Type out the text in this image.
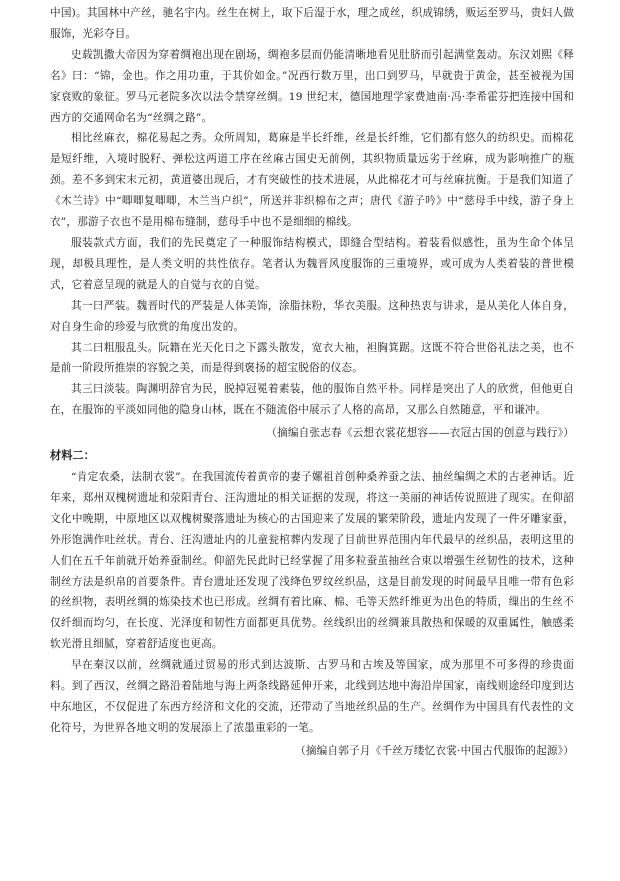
中国)。其国林中产丝，驰名宇内。丝生在树上，取下后湿于水，理之成丝，织成锦绣，贩运至罗马，贵妇人做服饰，光彩夺目。

史载凯撒大帝因为穿着绸袍出现在剧场，绸袍多层而仍能清晰地看见肚脐而引起满堂轰动。东汉刘熙《释名》曰：“锦，金也。作之用功重，于其价如金。”况西行数万里，出口到罗马，早就贵于黄金，甚至被视为国家衰败的象征。罗马元老院多次以法令禁穿丝绸。19 世纪末，德国地理学家费迪南·冯·李希霍芬把连接中国和西方的交通网命名为“丝绸之路”。

相比丝麻衣，棉花易起之秀。众所周知，葛麻是半长纤维，丝是长纤维，它们都有悠久的纺织史。而棉花是短纤维，入境时脱籽、弹松这两道工序在丝麻古国史无前例，其织物质量远劣于丝麻，成为影响推广的瓶颈。差不多到宋末元初，黄道婆出现后，才有突破性的技术进展，从此棉花才可与丝麻抗衡。于是我们知道了《木兰诗》中“唧唧复唧唧，木兰当户织”，所送并非织棉布之声；唐代《游子吟》中“慈母手中线，游子身上衣”，那游子衣也不是用棉布缝制，慈母手中也不是细细的棉线。

服装款式方面，我们的先民奠定了一种服饰结构模式，即缝合型结构。着装看似感性，虽为生命个体呈现，却极具理性，是人类文明的共性依存。笔者认为魏晋风度服饰的三重境界，或可成为人类着装的普世模式，它着意呈现的就是人的自觉与衣的自觉。

其一曰严装。魏晋时代的严装是人体美饰，涂脂抹粉，华衣美服。这种热衷与讲求，是从美化人体自身，对自身生命的珍爱与欣赏的角度出发的。

其二曰粗服乱头。阮籍在光天化日之下露头散发，宽衣大袖，袒胸箕踞。这既不符合世俗礼法之美，也不是前一阶段所推崇的容貌之美，而是得到褒扬的超宝脱俗的仪态。

其三曰淡装。陶渊明辞官为民，脱掉冠冕着素装，他的服饰自然平朴。同样是突出了人的欣赏，但他更自在，在服饰的平淡如同他的隐身山林，既在不随流俗中展示了人格的高昂，又那么自然随意，平和谦冲。

（摘编自张志春《云想衣裳花想容——衣冠古国的创意与践行》）

材料二：

“肯定农桑，法制衣裳”。在我国流传着黄帝的妻子嫘祖首创种桑养蚕之法、抽丝编绸之术的古老神话。近年来，郑州双槐树遗址和荥阳青台、汪沟遗址的相关证据的发现，将这一美丽的神话传说照进了现实。在仰韶文化中晚期，中原地区以双槐树聚落遗址为核心的古国迎来了发展的繁荣阶段，遗址内发现了一件牙雕家蚕，外形饱满作吐丝状。青台、汪沟遗址内的儿童瓮棺葬内发现了目前世界范围内年代最早的丝织品，表明这里的人们在五千年前就开始养蚕制丝。仰韶先民此时已经掌握了用多粒蚕茧抽丝合束以增强生丝韧性的技术，这种制丝方法是织帛的首要条件。青台遗址还发现了浅绛色罗纹丝织品，这是目前发现的时间最早且唯一带有色彩的丝织物，表明丝绸的炼染技术也已形成。丝绸有着比麻、棉、毛等天然纤维更为出色的特质，缫出的生丝不仅纤细而均匀，在长度、光泽度和韧性方面都更具优势。丝线织出的丝绸兼具散热和保暖的双重属性，触感柔软光滑且细腻，穿着舒适度也更高。

早在秦汉以前，丝绸就通过贸易的形式到达波斯、古罗马和古埃及等国家，成为那里不可多得的珍贵面料。到了西汉，丝绸之路沿着陆地与海上两条线路延伸开来，北线到达地中海沿岸国家，南线则途经印度到达中东地区，不仅促进了东西方经济和文化的交流，还带动了当地丝织品的生产。丝绸作为中国具有代表性的文化符号，为世界各地文明的发展添上了浓墨重彩的一笔。

（摘编自郭子月《千丝万缕忆衣裳·中国古代服饰的起源》）
